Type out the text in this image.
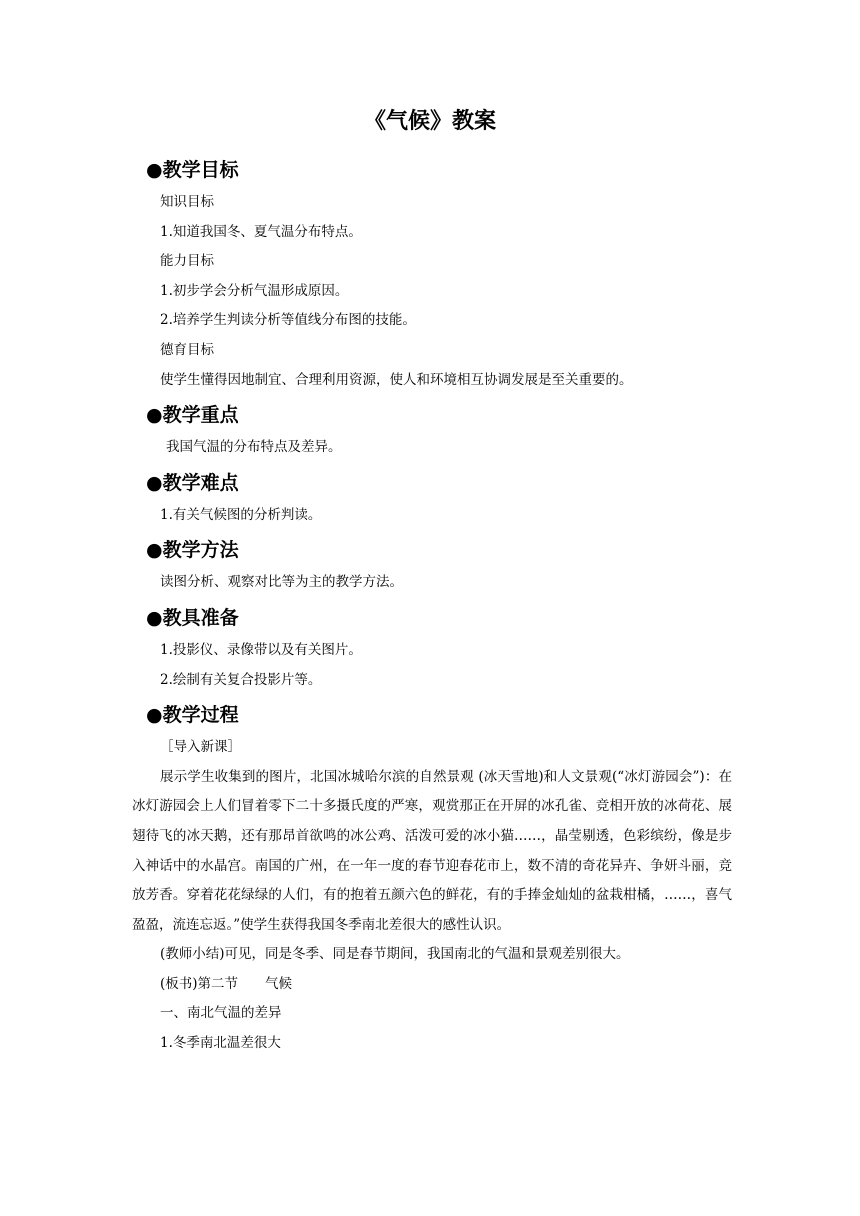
《气候》教案
●教学目标
知识目标
1.知道我国冬、夏气温分布特点。
能力目标
1.初步学会分析气温形成原因。
2.培养学生判读分析等值线分布图的技能。
德育目标
使学生懂得因地制宜、合理利用资源，使人和环境相互协调发展是至关重要的。
●教学重点
我国气温的分布特点及差异。
●教学难点
1.有关气候图的分析判读。
●教学方法
读图分析、观察对比等为主的教学方法。
●教具准备
1.投影仪、录像带以及有关图片。
2.绘制有关复合投影片等。
●教学过程
［导入新课］
展示学生收集到的图片，北国冰城哈尔滨的自然景观 (冰天雪地)和人文景观(“冰灯游园会”)：在冰灯游园会上人们冒着零下二十多摄氏度的严寒，观赏那正在开屏的冰孔雀、竞相开放的冰荷花、展翅待飞的冰天鹅，还有那昂首欲鸣的冰公鸡、活泼可爱的冰小猫……，晶莹剔透，色彩缤纷，像是步入神话中的水晶宫。南国的广州，在一年一度的春节迎春花市上，数不清的奇花异卉、争妍斗丽，竞放芳香。穿着花花绿绿的人们，有的抱着五颜六色的鲜花，有的手捧金灿灿的盆栽柑橘，……，喜气盈盈，流连忘返。”使学生获得我国冬季南北差很大的感性认识。
(教师小结)可见，同是冬季、同是春节期间，我国南北的气温和景观差别很大。
(板书)第二节　　气候
一、南北气温的差异
1.冬季南北温差很大
